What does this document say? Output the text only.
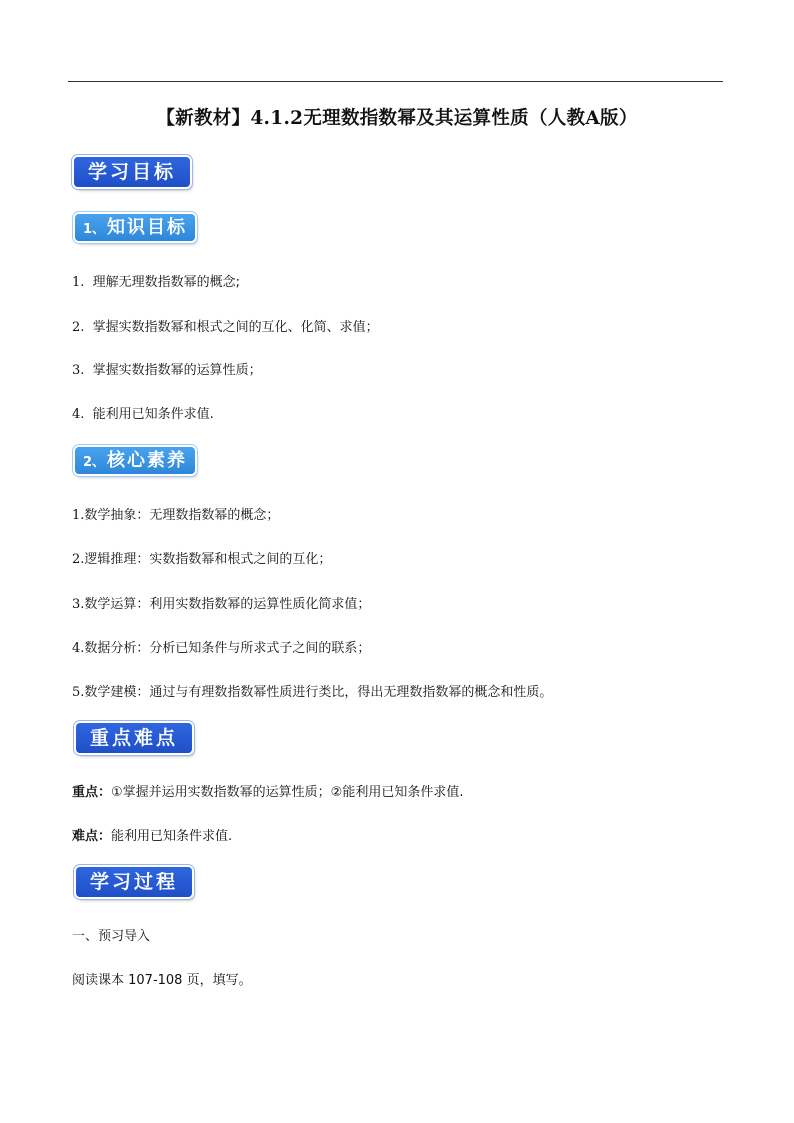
【新教材】4.1.2无理数指数幂及其运算性质（人教A版）
学习目标
1、 知识目标
1. 理解无理数指数幂的概念;
2. 掌握实数指数幂和根式之间的互化、化简、求值；
3. 掌握实数指数幂的运算性质；
4. 能利用已知条件求值.
2、 核心素养
1.数学抽象：无理数指数幂的概念；
2.逻辑推理：实数指数幂和根式之间的互化；
3.数学运算：利用实数指数幂的运算性质化简求值；
4.数据分析：分析已知条件与所求式子之间的联系；
5.数学建模：通过与有理数指数幂性质进行类比，得出无理数指数幂的概念和性质。
重点难点
重点：①掌握并运用实数指数幂的运算性质；②能利用已知条件求值.
难点：能利用已知条件求值.
学习过程
一、预习导入
阅读课本 107-108 页，填写。
